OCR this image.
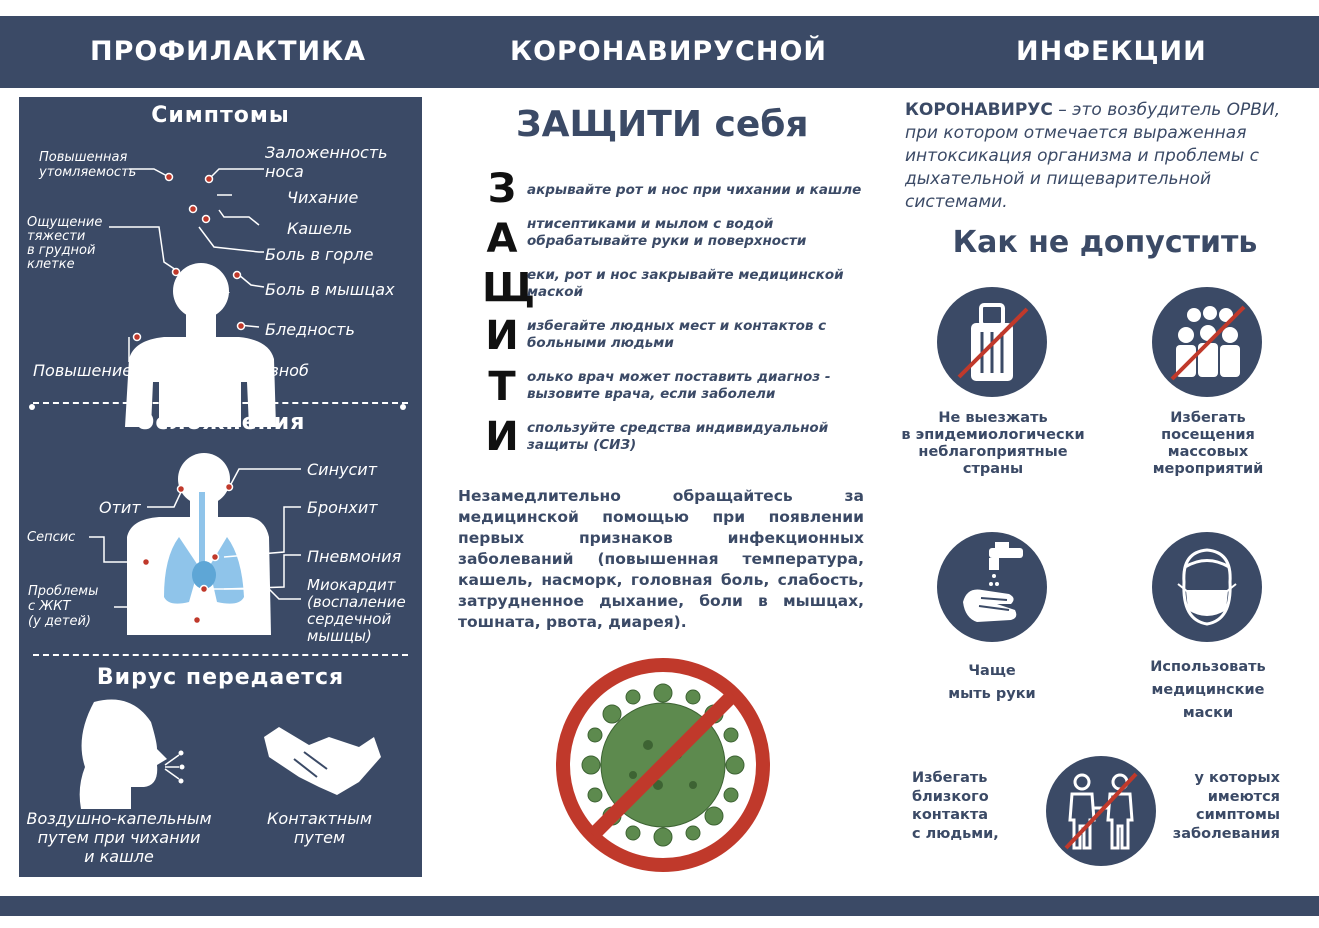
ПРОФИЛАКТИКА	КОРОНАВИРУСНОЙ	ИНФЕКЦИИ
Симптомы
Повышенная
утомляемость
Заложенность
носа
Чихание
Ощущение
тяжести
в грудной
клетке
Кашель
Боль в горле
Боль в мышцах
Бледность
Повышение температуры, озноб
Осложнения
Синусит
Отит	Бронхит
Сепсис
Пневмония
Проблемы
с ЖКТ
(у детей)
Миокардит
(воспаление
сердечной
мышцы)
Вирус передается
Воздушно-капельным
путем при чихании
и кашле
Контактным
путем
ЗАЩИТИ себя
З акрывайте рот и нос при чихании и кашле
А нтисептиками и мылом с водой обрабатывайте руки и поверхности
Щ
еки, рот и нос закрывайте медицинской маской
И избегайте людных мест и контактов с больными людьми
Т олько врач может поставить диагноз - вызовите врача, если заболели
И спользуйте средства индивидуальной защиты (СИЗ)
Незамедлительно обращайтесь за медицинской помощью при появлении первых признаков инфекционных заболеваний (повышенная температура, кашель, насморк, головная боль, слабость, затрудненное дыхание, боли в мышцах, тошната, рвота, диарея).
КОРОНАВИРУС – это возбудитель ОРВИ, при котором отмечается выраженная интоксикация организма и проблемы с дыхательной и пищеварительной системами.
Как не допустить
Не выезжать
в эпидемиологически
неблагоприятные
страны
Избегать
посещения
массовых
мероприятий
Чаще
мыть руки
Использовать
медицинские
маски
Избегать
близкого
контакта
с людьми,
у которых
имеются
симптомы
заболевания
